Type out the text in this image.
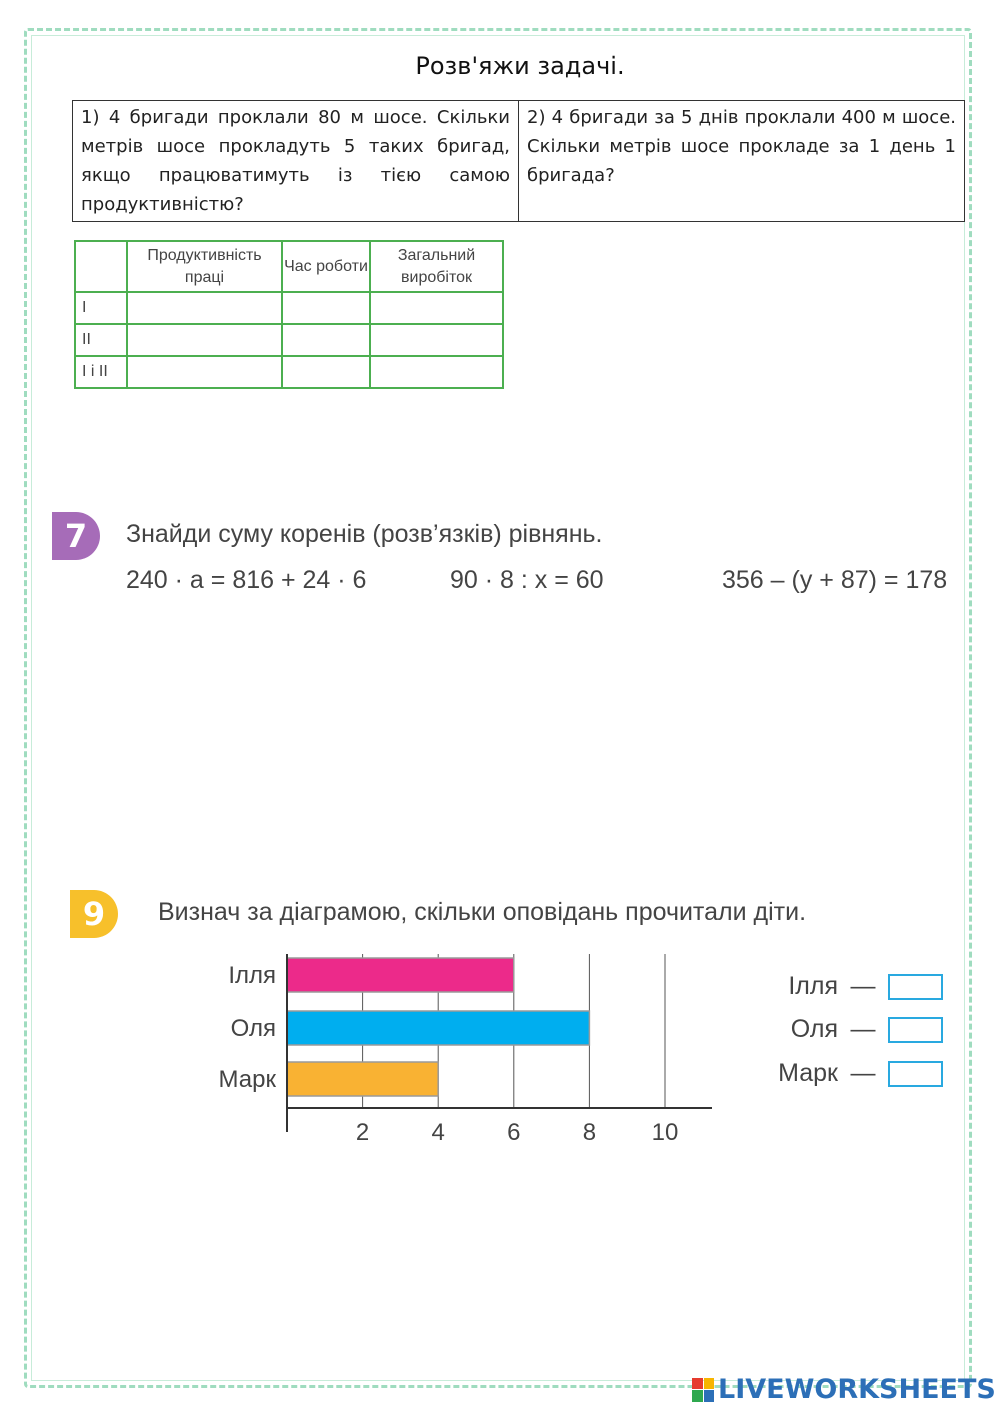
Розв'яжи задачі.
1) 4 бригади проклали 80 м шосе. Скільки метрів шосе прокладуть 5 таких бригад, якщо працюватимуть із тією самою продуктивністю?	2) 4 бригади за 5 днів проклали 400 м шосе. Скільки метрів шосе прокладе за 1 день 1 бригада?
	Продуктивність праці	Час роботи	Загальний виробіток
I			
II			
I і II			
7	Знайди суму коренів (розв’язків) рівнянь.
240 · a = 816 + 24 · 6	90 · 8 : x = 60	356 – (y + 87) = 178
9	Визнач за діаграмою, скільки оповідань прочитали діти.
Ілля
Оля
Марк
2	4	6	8 10
Ілля —
Оля —
Марк —
LIVEWORKSHEETS
